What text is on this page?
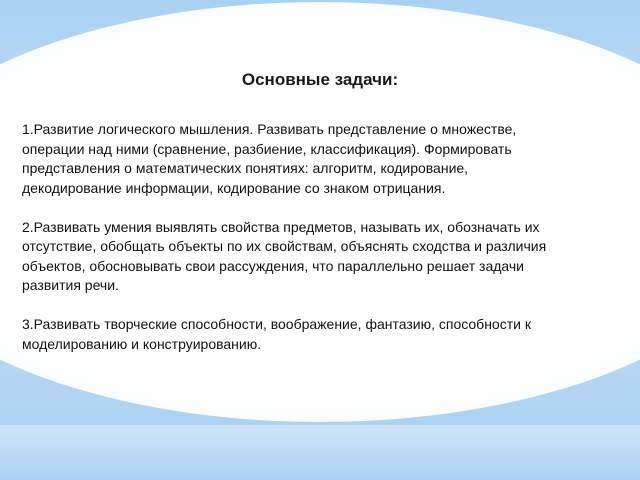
Основные задачи:

1.Развитие логического мышления. Развивать представление о множестве,
операции над ними (сравнение, разбиение, классификация). Формировать
представления о математических понятиях: алгоритм, кодирование,
декодирование информации, кодирование со знаком отрицания.

2.Развивать умения выявлять свойства предметов, называть их, обозначать их
отсутствие, обобщать объекты по их свойствам, объяснять сходства и различия
объектов, обосновывать свои рассуждения, что параллельно решает задачи
развития речи.

3.Развивать творческие способности, воображение, фантазию, способности к
моделированию и конструированию.
